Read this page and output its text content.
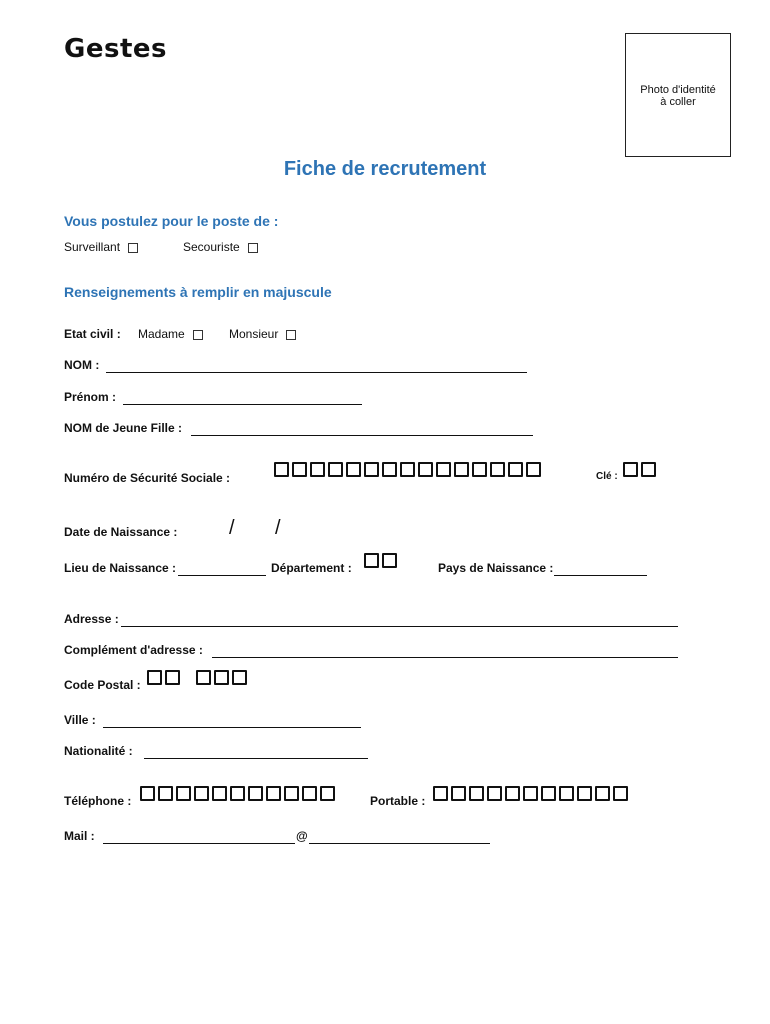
Gestes
Photo d'identité
à coller
Fiche de recrutement
Vous postulez pour le poste de :
Surveillant	Secouriste
Renseignements à remplir en majuscule
Etat civil : Madame	Monsieur
NOM :
Prénom :
NOM de Jeune Fille :
Numéro de Sécurité Sociale :	Clé :
Date de Naissance :	/ /
Lieu de Naissance :	Département :	Pays de Naissance :
Adresse :
Complément d'adresse :
Code Postal :
Ville :
Nationalité :
Téléphone :	Portable :
Mail :	@
